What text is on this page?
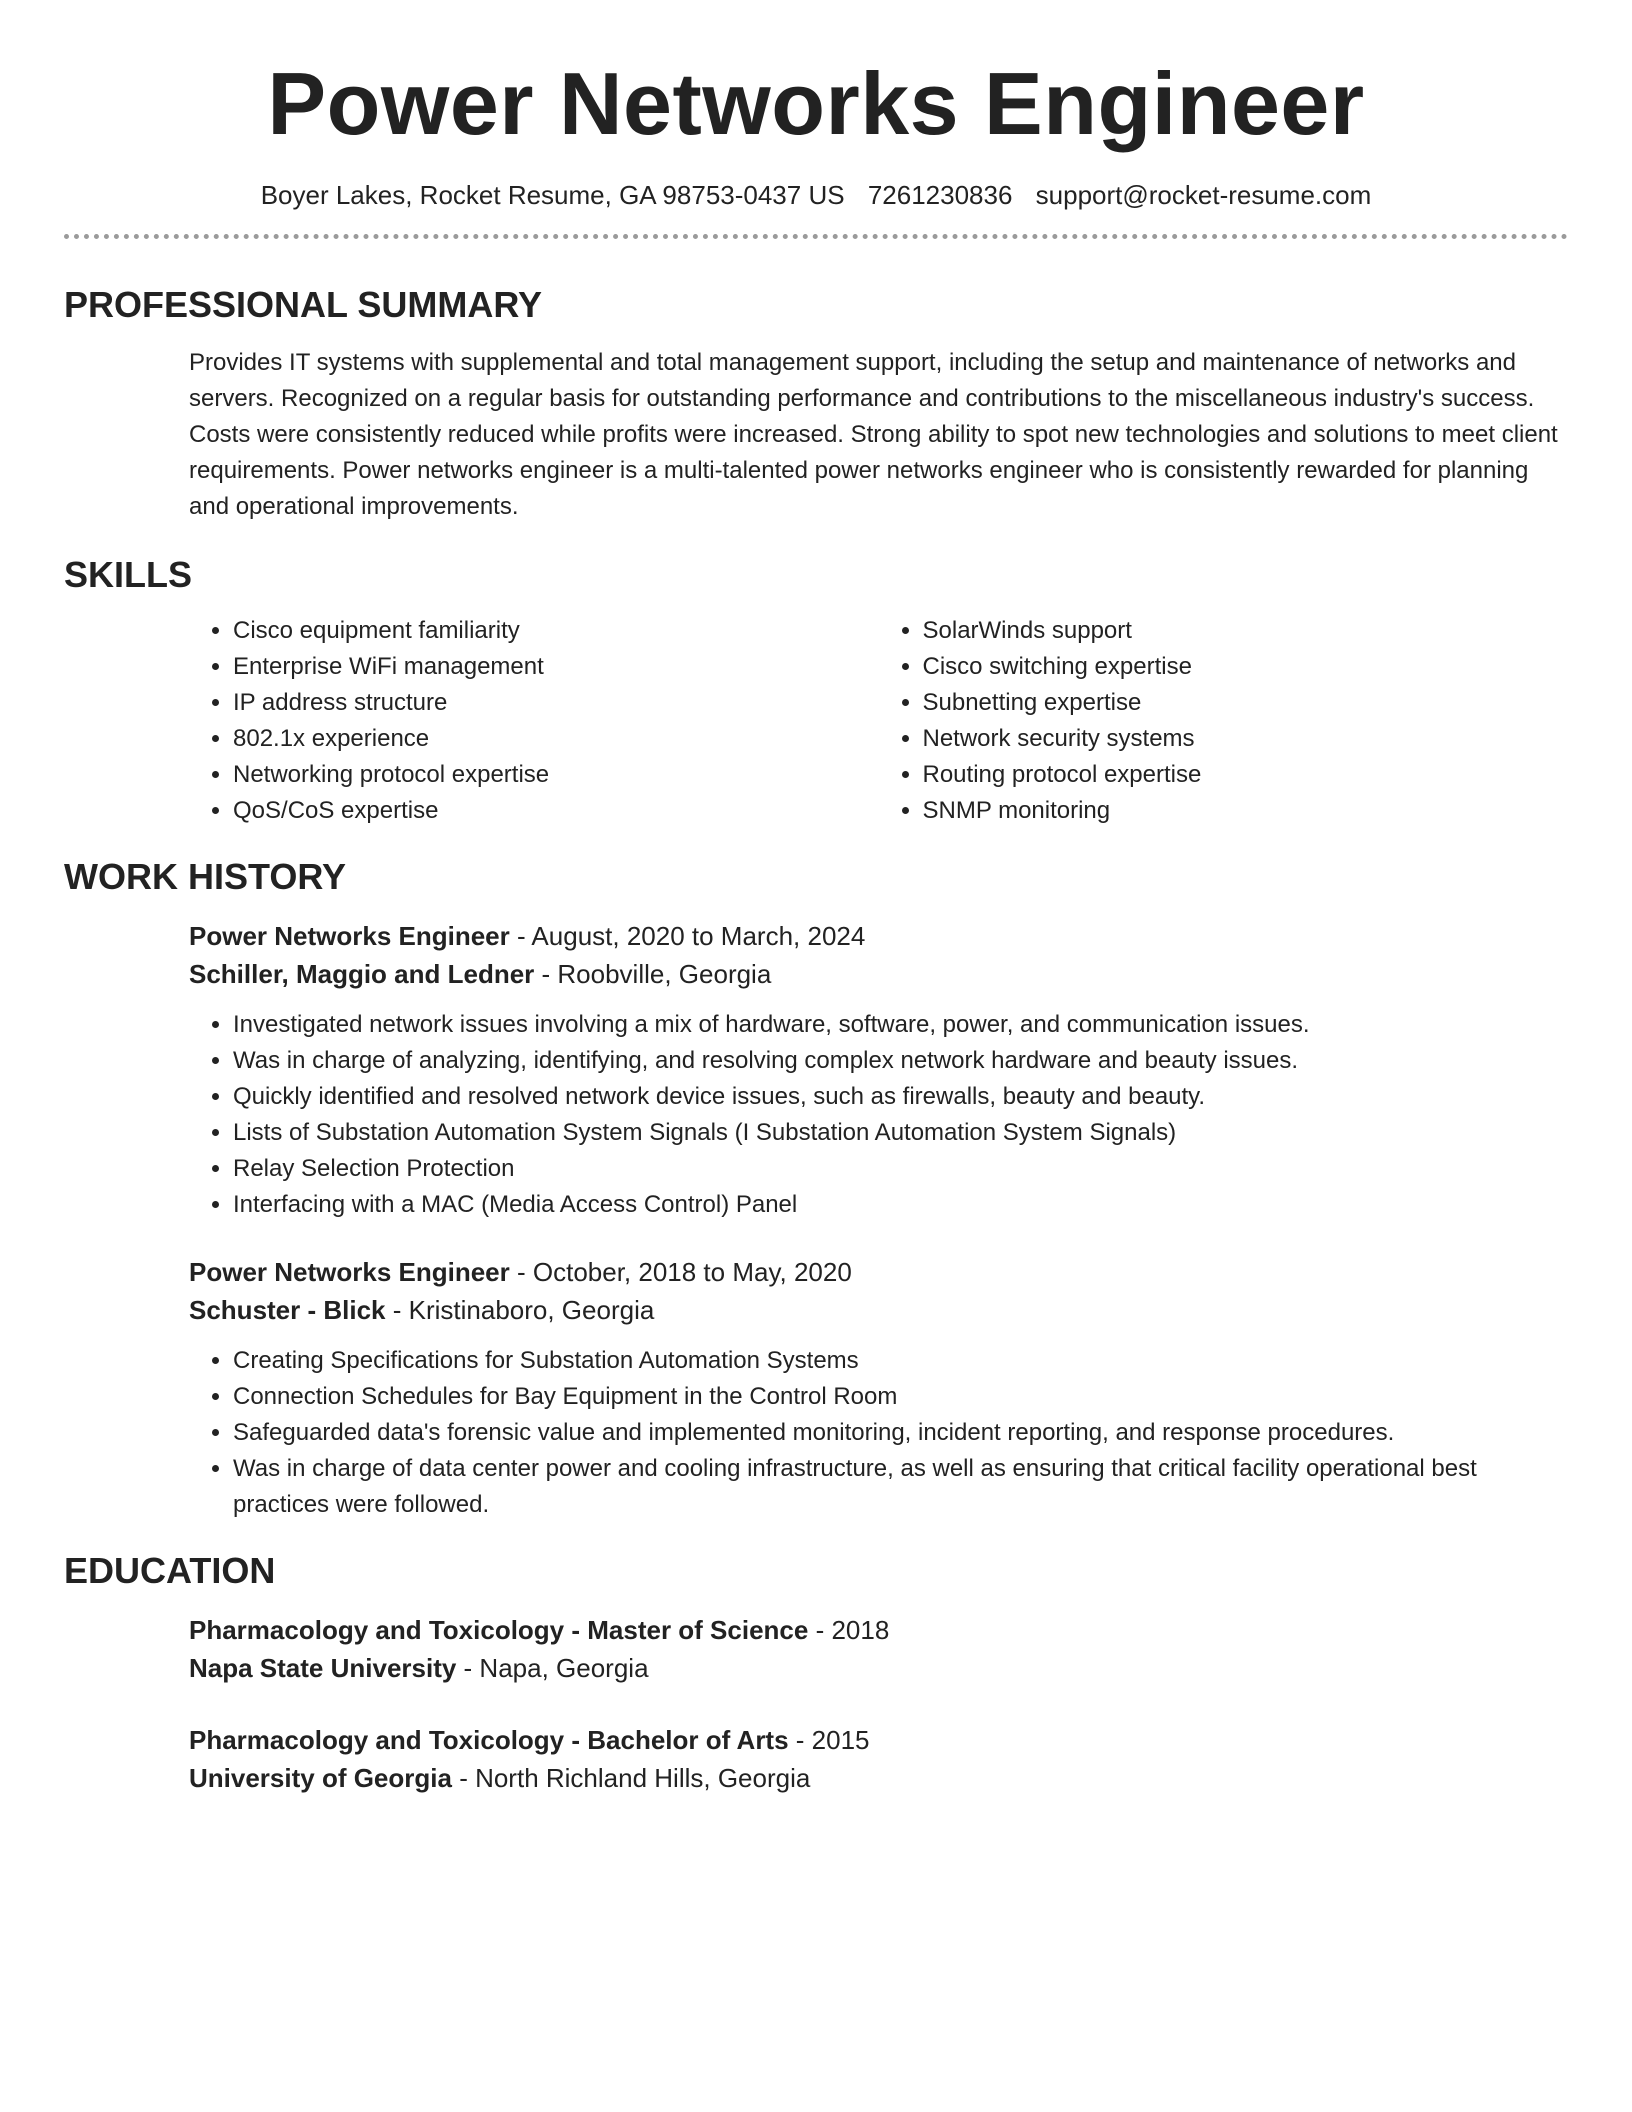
Power Networks Engineer
Boyer Lakes, Rocket Resume, GA 98753-0437 US 7261230836 support@rocket-resume.com
PROFESSIONAL SUMMARY
Provides IT systems with supplemental and total management support, including the setup and maintenance of networks and servers. Recognized on a regular basis for outstanding performance and contributions to the miscellaneous industry's success. Costs were consistently reduced while profits were increased. Strong ability to spot new technologies and solutions to meet client requirements. Power networks engineer is a multi-talented power networks engineer who is consistently rewarded for planning and operational improvements.
SKILLS
• Cisco equipment familiarity
• Enterprise WiFi management
• IP address structure
• 802.1x experience
• Networking protocol expertise
• QoS/CoS expertise
• SolarWinds support
• Cisco switching expertise
• Subnetting expertise
• Network security systems
• Routing protocol expertise
• SNMP monitoring
WORK HISTORY
Power Networks Engineer - August, 2020 to March, 2024
Schiller, Maggio and Ledner - Roobville, Georgia
• Investigated network issues involving a mix of hardware, software, power, and communication issues.
• Was in charge of analyzing, identifying, and resolving complex network hardware and beauty issues.
• Quickly identified and resolved network device issues, such as firewalls, beauty and beauty.
• Lists of Substation Automation System Signals (I Substation Automation System Signals)
• Relay Selection Protection
• Interfacing with a MAC (Media Access Control) Panel
Power Networks Engineer - October, 2018 to May, 2020
Schuster - Blick - Kristinaboro, Georgia
• Creating Specifications for Substation Automation Systems
• Connection Schedules for Bay Equipment in the Control Room
• Safeguarded data's forensic value and implemented monitoring, incident reporting, and response procedures.
• Was in charge of data center power and cooling infrastructure, as well as ensuring that critical facility operational best practices were followed.
EDUCATION
Pharmacology and Toxicology - Master of Science - 2018
Napa State University - Napa, Georgia
Pharmacology and Toxicology - Bachelor of Arts - 2015
University of Georgia - North Richland Hills, Georgia
